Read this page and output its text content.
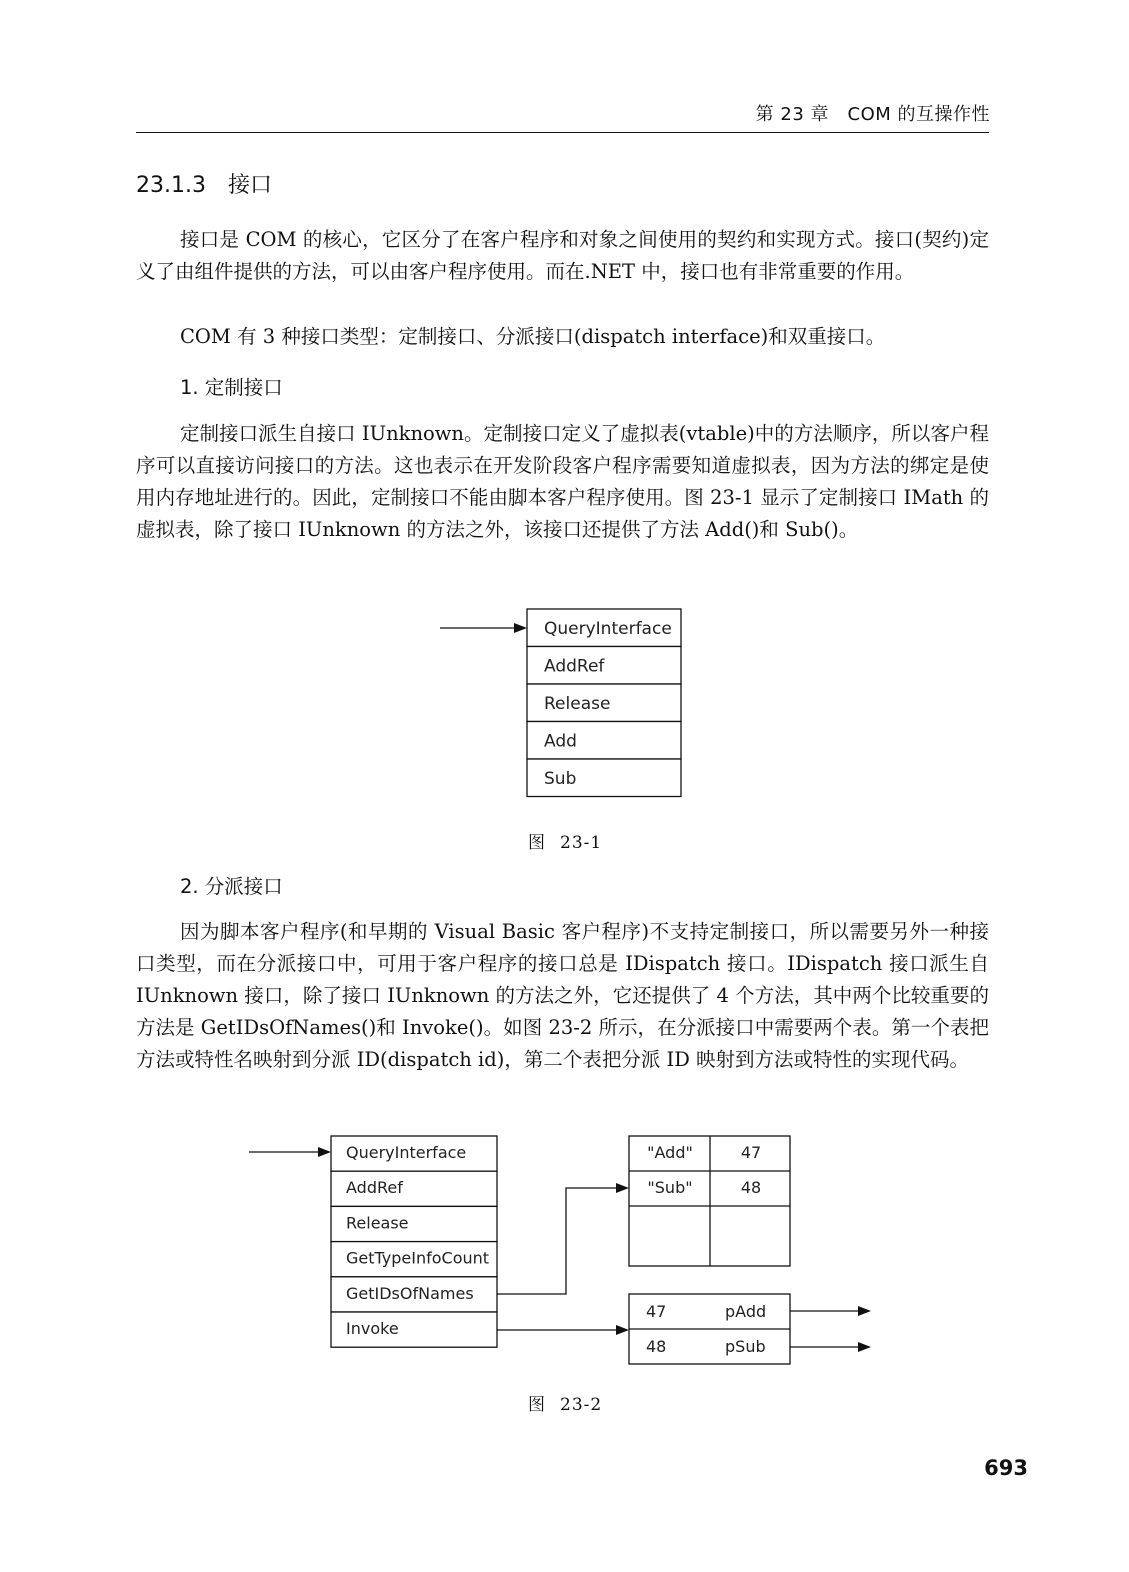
第 23 章　COM 的互操作性
23.1.3 接口

接口是 COM 的核心，它区分了在客户程序和对象之间使用的契约和实现方式。接口(契约)定义了由组件提供的方法，可以由客户程序使用。而在.NET 中，接口也有非常重要的作用。

COM 有 3 种接口类型：定制接口、分派接口(dispatch interface)和双重接口。

1. 定制接口

定制接口派生自接口 IUnknown。定制接口定义了虚拟表(vtable)中的方法顺序，所以客户程序可以直接访问接口的方法。这也表示在开发阶段客户程序需要知道虚拟表，因为方法的绑定是使用内存地址进行的。因此，定制接口不能由脚本客户程序使用。图 23-1 显示了定制接口 IMath 的虚拟表，除了接口 IUnknown 的方法之外，该接口还提供了方法 Add()和 Sub()。

QueryInterface
AddRef
Release
Add
Sub
图 23-1
2. 分派接口

因为脚本客户程序(和早期的 Visual Basic 客户程序)不支持定制接口，所以需要另外一种接口类型，而在分派接口中，可用于客户程序的接口总是 IDispatch 接口。IDispatch 接口派生自 IUnknown 接口，除了接口 IUnknown 的方法之外，它还提供了 4 个方法，其中两个比较重要的方法是 GetIDsOfNames()和 Invoke()。如图 23-2 所示，在分派接口中需要两个表。第一个表把方法或特性名映射到分派 ID(dispatch id)，第二个表把分派 ID 映射到方法或特性的实现代码。

QueryInterface
AddRef
Release
GetTypeInfoCount
GetIDsOfNames
Invoke
"Add"	47
"Sub"	48
47	pAdd
48	pSub
图 23-2
693
